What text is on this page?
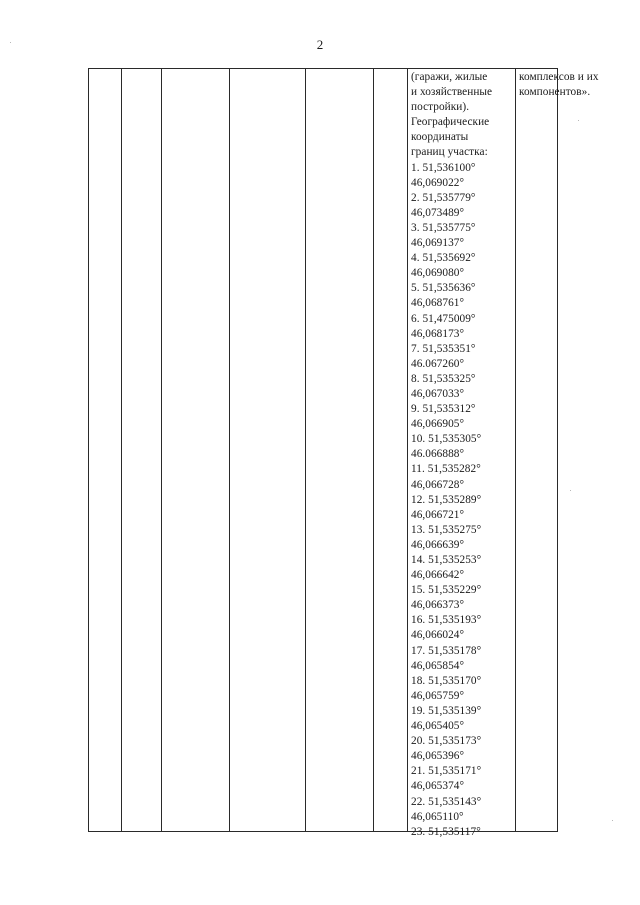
2
(гаражи, жилые
и хозяйственные
постройки).
Географические
координаты
границ участка:
1. 51,536100°
46,069022°
2. 51,535779°
46,073489°
3. 51,535775°
46,069137°
4. 51,535692°
46,069080°
5. 51,535636°
46,068761°
6. 51,475009°
46,068173°
7. 51,535351°
46.067260°
8. 51,535325°
46,067033°
9. 51,535312°
46,066905°
10. 51,535305°
46.066888°
11. 51,535282°
46,066728°
12. 51,535289°
46,066721°
13. 51,535275°
46,066639°
14. 51,535253°
46,066642°
15. 51,535229°
46,066373°
16. 51,535193°
46,066024°
17. 51,535178°
46,065854°
18. 51,535170°
46,065759°
19. 51,535139°
46,065405°
20. 51,535173°
46,065396°
21. 51,535171°
46,065374°
22. 51,535143°
46,065110°
23. 51,535117°
комплексов и их
компонентов».
